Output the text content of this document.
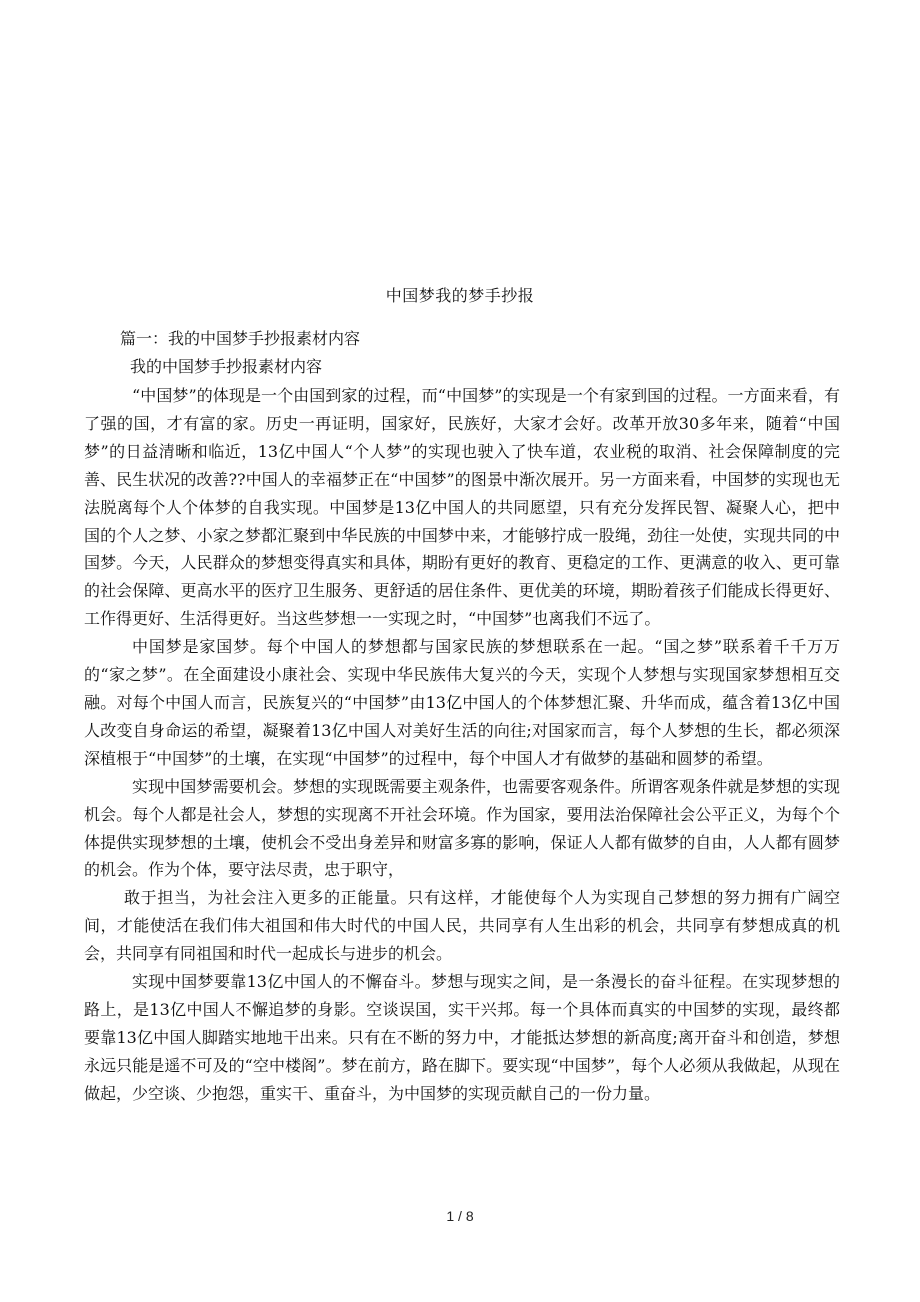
中国梦我的梦手抄报
篇一：我的中国梦手抄报素材内容
我的中国梦手抄报素材内容

“中国梦”的体现是一个由国到家的过程，而“中国梦”的实现是一个有家到国的过程。一方面来看，有了强的国，才有富的家。历史一再证明，国家好，民族好，大家才会好。改革开放30多年来，随着“中国梦”的日益清晰和临近，13亿中国人“个人梦”的实现也驶入了快车道，农业税的取消、社会保障制度的完善、民生状况的改善??中国人的幸福梦正在“中国梦”的图景中渐次展开。另一方面来看，中国梦的实现也无法脱离每个人个体梦的自我实现。中国梦是13亿中国人的共同愿望，只有充分发挥民智、凝聚人心，把中国的个人之梦、小家之梦都汇聚到中华民族的中国梦中来，才能够拧成一股绳，劲往一处使，实现共同的中国梦。今天，人民群众的梦想变得真实和具体，期盼有更好的教育、更稳定的工作、更满意的收入、更可靠的社会保障、更高水平的医疗卫生服务、更舒适的居住条件、更优美的环境，期盼着孩子们能成长得更好、工作得更好、生活得更好。当这些梦想一一实现之时，“中国梦”也离我们不远了。

中国梦是家国梦。每个中国人的梦想都与国家民族的梦想联系在一起。“国之梦”联系着千千万万的“家之梦”。在全面建设小康社会、实现中华民族伟大复兴的今天，实现个人梦想与实现国家梦想相互交融。对每个中国人而言，民族复兴的“中国梦”由13亿中国人的个体梦想汇聚、升华而成，蕴含着13亿中国人改变自身命运的希望，凝聚着13亿中国人对美好生活的向往;对国家而言，每个人梦想的生长，都必须深深植根于“中国梦”的土壤，在实现“中国梦”的过程中，每个中国人才有做梦的基础和圆梦的希望。

实现中国梦需要机会。梦想的实现既需要主观条件，也需要客观条件。所谓客观条件就是梦想的实现机会。每个人都是社会人，梦想的实现离不开社会环境。作为国家，要用法治保障社会公平正义，为每个个体提供实现梦想的土壤，使机会不受出身差异和财富多寡的影响，保证人人都有做梦的自由，人人都有圆梦的机会。作为个体，要守法尽责，忠于职守，

敢于担当，为社会注入更多的正能量。只有这样，才能使每个人为实现自己梦想的努力拥有广阔空间，才能使活在我们伟大祖国和伟大时代的中国人民，共同享有人生出彩的机会，共同享有梦想成真的机会，共同享有同祖国和时代一起成长与进步的机会。

实现中国梦要靠13亿中国人的不懈奋斗。梦想与现实之间，是一条漫长的奋斗征程。在实现梦想的路上，是13亿中国人不懈追梦的身影。空谈误国，实干兴邦。每一个具体而真实的中国梦的实现，最终都要靠13亿中国人脚踏实地地干出来。只有在不断的努力中，才能抵达梦想的新高度;离开奋斗和创造，梦想永远只能是遥不可及的“空中楼阁”。梦在前方，路在脚下。要实现“中国梦”，每个人必须从我做起，从现在做起，少空谈、少抱怨，重实干、重奋斗，为中国梦的实现贡献自己的一份力量。

1 / 8
